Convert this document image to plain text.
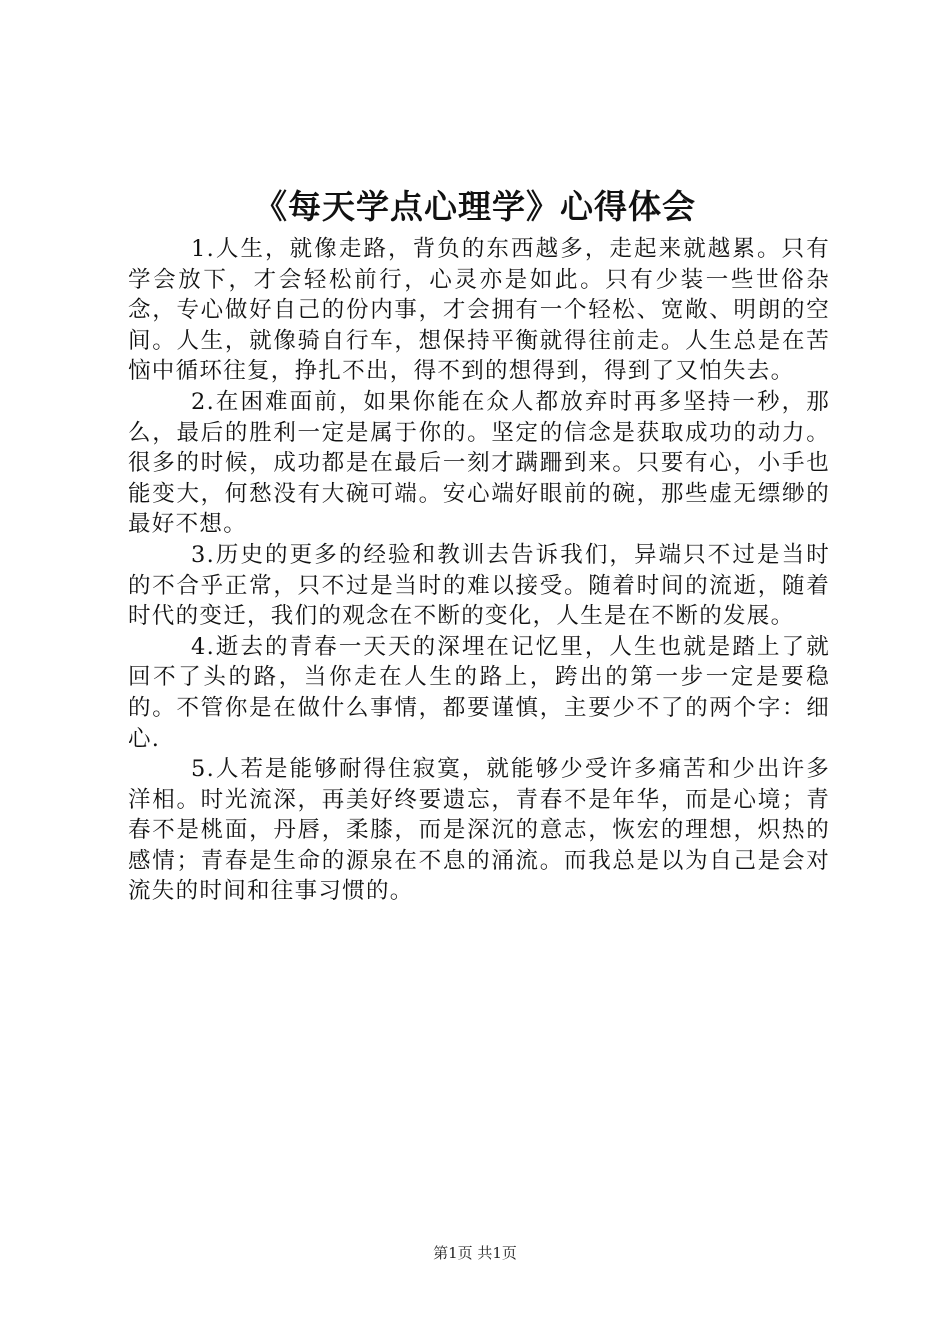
《每天学点心理学》心得体会

1.人生，就像走路，背负的东西越多，走起来就越累。只有学会放下，才会轻松前行，心灵亦是如此。只有少装一些世俗杂念，专心做好自己的份内事，才会拥有一个轻松、宽敞、明朗的空间。人生，就像骑自行车，想保持平衡就得往前走。人生总是在苦恼中循环往复，挣扎不出，得不到的想得到，得到了又怕失去。

2.在困难面前，如果你能在众人都放弃时再多坚持一秒，那么，最后的胜利一定是属于你的。坚定的信念是获取成功的动力。很多的时候，成功都是在最后一刻才蹒跚到来。只要有心，小手也能变大，何愁没有大碗可端。安心端好眼前的碗，那些虚无缥缈的最好不想。

3.历史的更多的经验和教训去告诉我们，异端只不过是当时的不合乎正常，只不过是当时的难以接受。随着时间的流逝，随着时代的变迁，我们的观念在不断的变化，人生是在不断的发展。

4.逝去的青春一天天的深埋在记忆里，人生也就是踏上了就回不了头的路，当你走在人生的路上，跨出的第一步一定是要稳的。不管你是在做什么事情，都要谨慎，主要少不了的两个字：细心.

5.人若是能够耐得住寂寞，就能够少受许多痛苦和少出许多洋相。时光流深，再美好终要遗忘，青春不是年华，而是心境；青春不是桃面，丹唇，柔膝，而是深沉的意志，恢宏的理想，炽热的感情；青春是生命的源泉在不息的涌流。而我总是以为自己是会对流失的时间和往事习惯的。

第1页 共1页
